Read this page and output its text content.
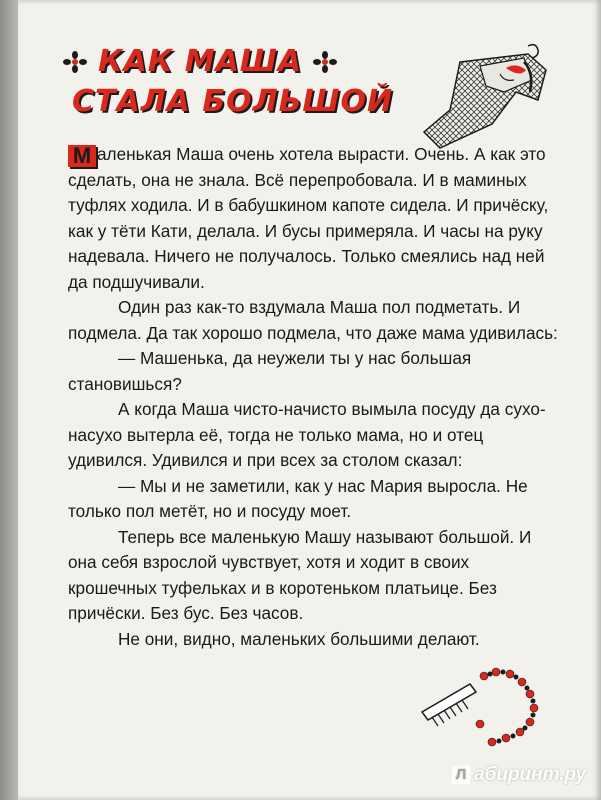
КАК МАША
СТАЛА БОЛЬШОЙ

М аленькая Маша очень хотела вырасти. Очень. А как это сделать, она не знала. Всё перепробовала. И в маминых туфлях ходила. И в бабушкином капоте сидела. И причёску, как у тёти Кати, делала. И бусы примеряла. И часы на руку надевала. Ничего не получалось. Только смеялись над ней да подшучивали.

Один раз как-то вздумала Маша пол подметать. И подмела. Да так хорошо подмела, что даже мама удивилась:

— Машенька, да неужели ты у нас большая становишься?

А когда Маша чисто-начисто вымыла посуду да сухо-насухо вытерла её, тогда не только мама, но и отец удивился. Удивился и при всех за столом сказал:

— Мы и не заметили, как у нас Мария выросла. Не только пол метёт, но и посуду моет.

Теперь все маленькую Машу называют большой. И она себя взрослой чувствует, хотя и ходит в своих крошечных туфельках и в коротеньком платьице. Без причёски. Без бус. Без часов.

Не они, видно, маленьких большими делают.

Л абиринт.ру
